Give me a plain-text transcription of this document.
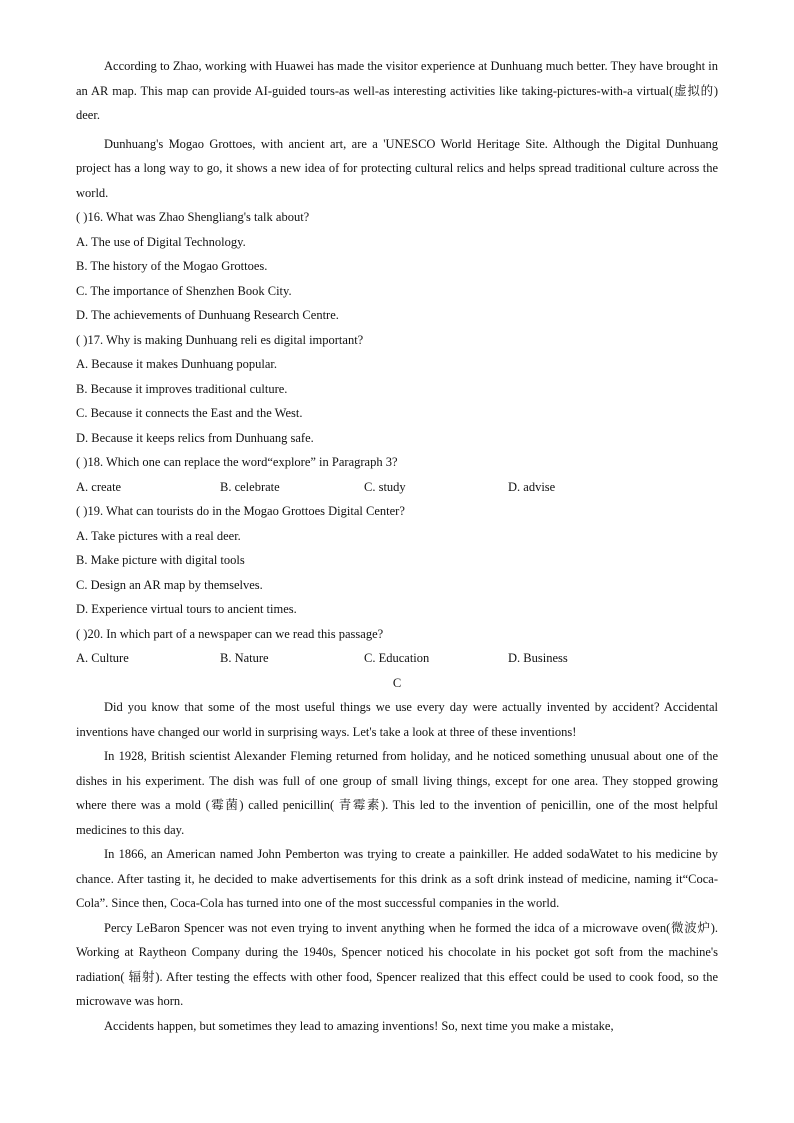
According to Zhao, working with Huawei has made the visitor experience at Dunhuang much better. They have brought in an AR map. This map can provide AI-guided tours-as well-as interesting activities like taking-pictures-with-a virtual(虚拟的) deer.

Dunhuang's Mogao Grottoes, with ancient art, are a 'UNESCO World Heritage Site. Although the Digital Dunhuang project has a long way to go, it shows a new idea of for protecting cultural relics and helps spread traditional culture across the world.

( )16. What was Zhao Shengliang's talk about?

A. The use of Digital Technology.

B. The history of the Mogao Grottoes.

C. The importance of Shenzhen Book City.

D. The achievements of Dunhuang Research Centre.

( )17. Why is making Dunhuang reli es digital important?

A. Because it makes Dunhuang popular.

B. Because it improves traditional culture.

C. Because it connects the East and the West.

D. Because it keeps relics from Dunhuang safe.

( )18. Which one can replace the word“explore” in Paragraph 3?

A. create	B. celebrate	C. study	D. advise

( )19. What can tourists do in the Mogao Grottoes Digital Center?

A. Take pictures with a real deer.

B. Make picture with digital tools

C. Design an AR map by themselves.

D. Experience virtual tours to ancient times.

( )20. In which part of a newspaper can we read this passage?

A. Culture	B. Nature	C. Education	D. Business

C

Did you know that some of the most useful things we use every day were actually invented by accident? Accidental inventions have changed our world in surprising ways. Let's take a look at three of these inventions!

In 1928, British scientist Alexander Fleming returned from holiday, and he noticed something unusual about one of the dishes in his experiment. The dish was full of one group of small living things, except for one area. They stopped growing where there was a mold (霉菌) called penicillin( 青霉素). This led to the invention of penicillin, one of the most helpful medicines to this day.

In 1866, an American named John Pemberton was trying to create a painkiller. He added sodaWatet to his medicine by chance. After tasting it, he decided to make advertisements for this drink as a soft drink instead of medicine, naming it“Coca-Cola”. Since then, Coca-Cola has turned into one of the most successful companies in the world.

Percy LeBaron Spencer was not even trying to invent anything when he formed the idca of a microwave oven(微波炉). Working at Raytheon Company during the 1940s, Spencer noticed his chocolate in his pocket got soft from the machine's radiation( 辐射). After testing the effects with other food, Spencer realized that this effect could be used to cook food, so the microwave was horn.

Accidents happen, but sometimes they lead to amazing inventions! So, next time you make a mistake,
